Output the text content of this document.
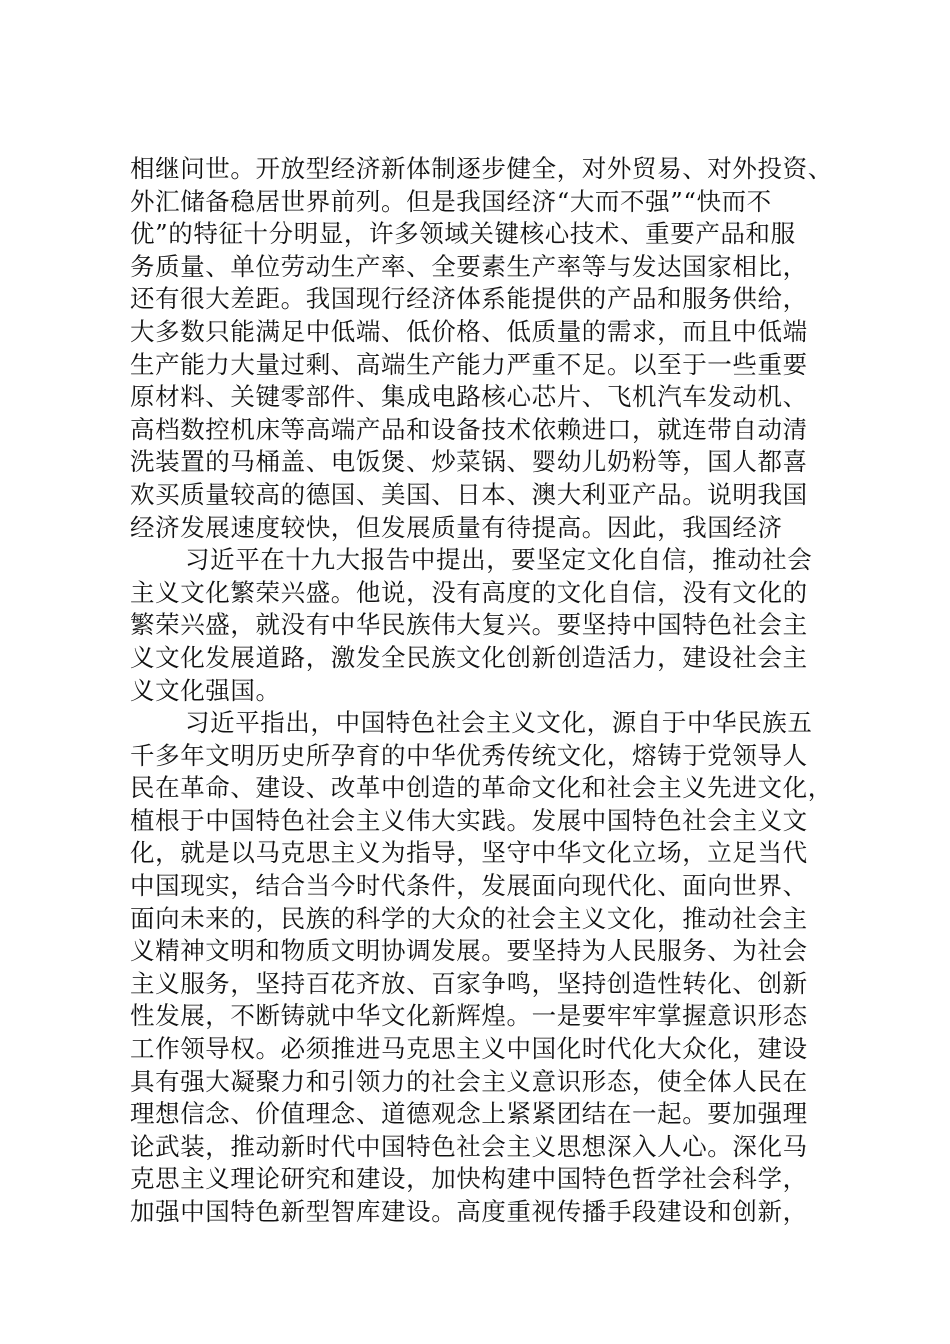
相继问世。开放型经济新体制逐步健全，对外贸易、对外投资、
外汇储备稳居世界前列。但是我国经济“大而不强”“快而不
优”的特征十分明显，许多领域关键核心技术、重要产品和服
务质量、单位劳动生产率、全要素生产率等与发达国家相比，
还有很大差距。我国现行经济体系能提供的产品和服务供给，
大多数只能满足中低端、低价格、低质量的需求，而且中低端
生产能力大量过剩、高端生产能力严重不足。以至于一些重要
原材料、关键零部件、集成电路核心芯片、飞机汽车发动机、
高档数控机床等高端产品和设备技术依赖进口，就连带自动清
洗装置的马桶盖、电饭煲、炒菜锅、婴幼儿奶粉等，国人都喜
欢买质量较高的德国、美国、日本、澳大利亚产品。说明我国
经济发展速度较快，但发展质量有待提高。因此，我国经济
习近平在十九大报告中提出，要坚定文化自信，推动社会
主义文化繁荣兴盛。他说，没有高度的文化自信，没有文化的
繁荣兴盛，就没有中华民族伟大复兴。要坚持中国特色社会主
义文化发展道路，激发全民族文化创新创造活力，建设社会主
义文化强国。
习近平指出，中国特色社会主义文化，源自于中华民族五
千多年文明历史所孕育的中华优秀传统文化，熔铸于党领导人
民在革命、建设、改革中创造的革命文化和社会主义先进文化，
植根于中国特色社会主义伟大实践。发展中国特色社会主义文
化，就是以马克思主义为指导，坚守中华文化立场，立足当代
中国现实，结合当今时代条件，发展面向现代化、面向世界、
面向未来的，民族的科学的大众的社会主义文化，推动社会主
义精神文明和物质文明协调发展。要坚持为人民服务、为社会
主义服务，坚持百花齐放、百家争鸣，坚持创造性转化、创新
性发展，不断铸就中华文化新辉煌。一是要牢牢掌握意识形态
工作领导权。必须推进马克思主义中国化时代化大众化，建设
具有强大凝聚力和引领力的社会主义意识形态，使全体人民在
理想信念、价值理念、道德观念上紧紧团结在一起。要加强理
论武装，推动新时代中国特色社会主义思想深入人心。深化马
克思主义理论研究和建设，加快构建中国特色哲学社会科学，
加强中国特色新型智库建设。高度重视传播手段建设和创新，
